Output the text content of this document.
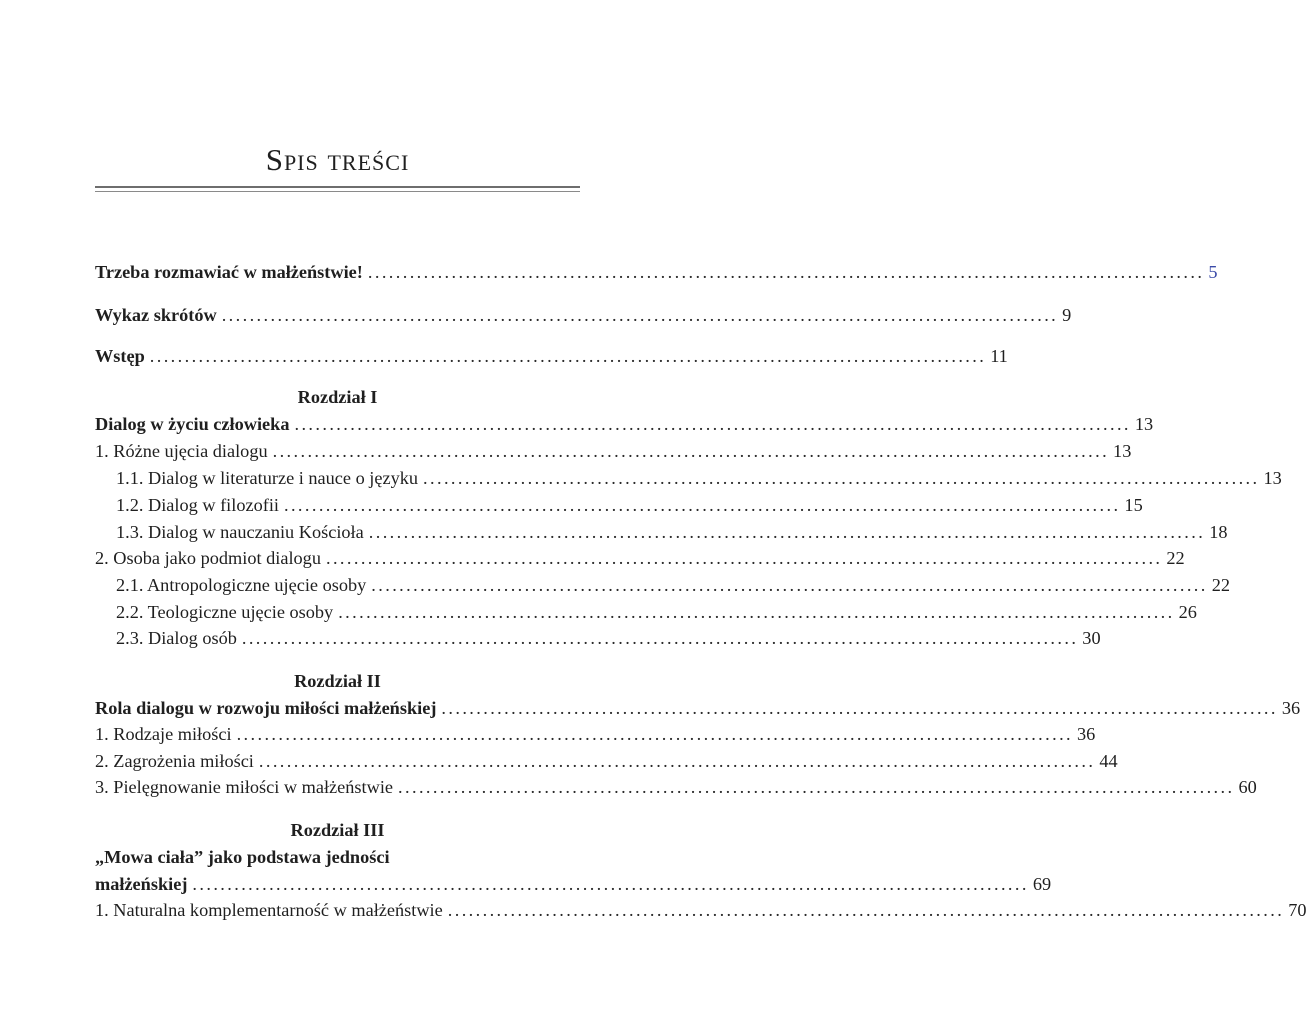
Spis treści
Trzeba rozmawiać w małżeństwie! ........................................................................................................................ 5
Wykaz skrótów ........................................................................................................................ 9
Wstęp ........................................................................................................................ 11
Rozdział I
Dialog w życiu człowieka ........................................................................................................................ 13
1. Różne ujęcia dialogu ........................................................................................................................ 13
1.1. Dialog w literaturze i nauce o języku ........................................................................................................................ 13
1.2. Dialog w filozofii ........................................................................................................................ 15
1.3. Dialog w nauczaniu Kościoła ........................................................................................................................ 18
2. Osoba jako podmiot dialogu ........................................................................................................................ 22
2.1. Antropologiczne ujęcie osoby ........................................................................................................................ 22
2.2. Teologiczne ujęcie osoby ........................................................................................................................ 26
2.3. Dialog osób ........................................................................................................................ 30
Rozdział II
Rola dialogu w rozwoju miłości małżeńskiej ........................................................................................................................ 36
1. Rodzaje miłości ........................................................................................................................ 36
2. Zagrożenia miłości ........................................................................................................................ 44
3. Pielęgnowanie miłości w małżeństwie ........................................................................................................................ 60
Rozdział III
„Mowa ciała” jako podstawa jedności
małżeńskiej ........................................................................................................................ 69
1. Naturalna komplementarność w małżeństwie ........................................................................................................................ 70
